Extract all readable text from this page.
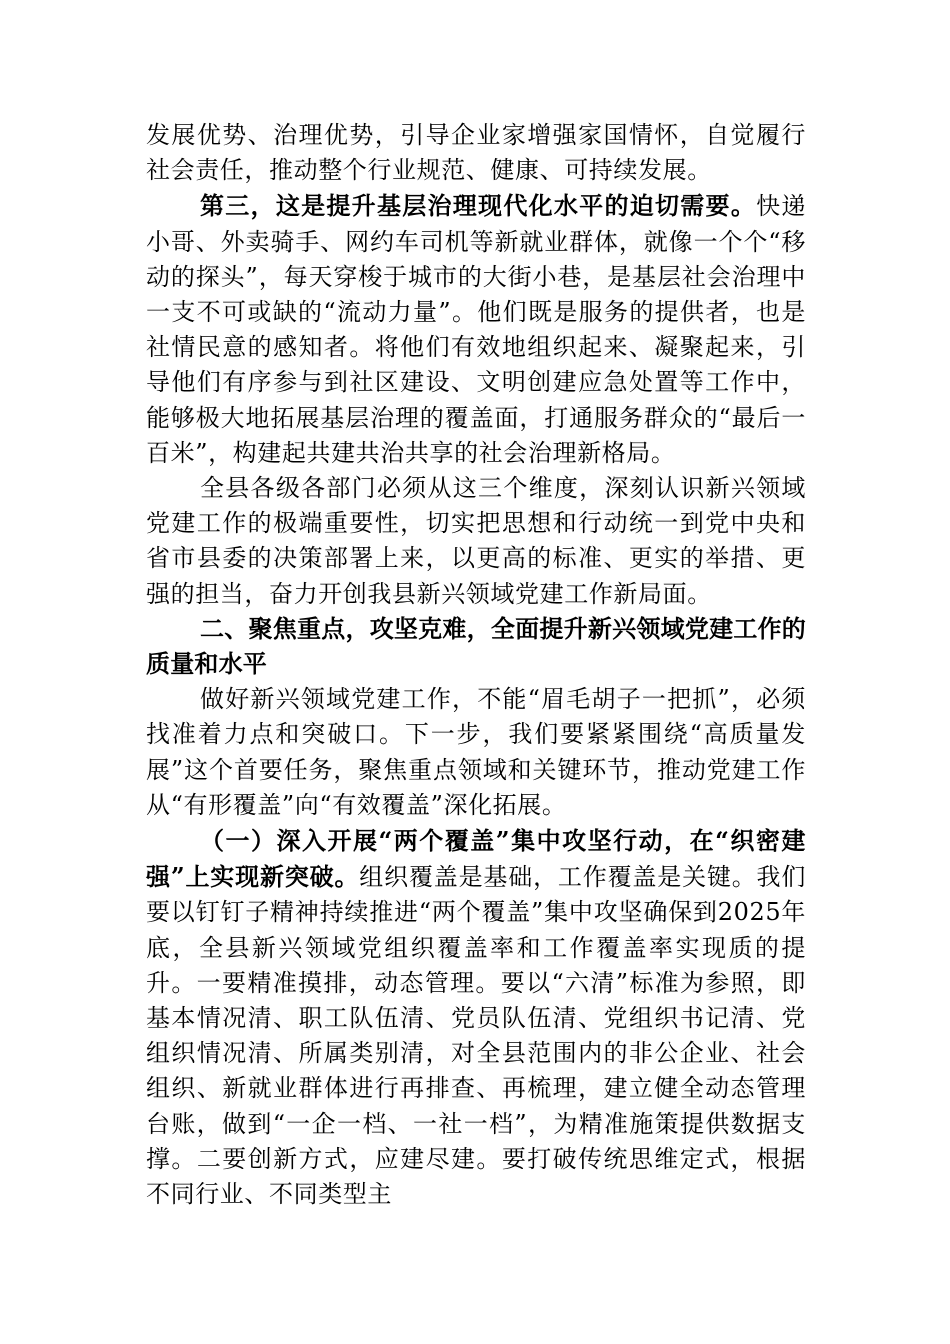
发展优势、治理优势，引导企业家增强家国情怀，自觉履行社会责任，推动整个行业规范、健康、可持续发展。

第三，这是提升基层治理现代化水平的迫切需要。快递小哥、外卖骑手、网约车司机等新就业群体，就像一个个“移动的探头”，每天穿梭于城市的大街小巷，是基层社会治理中一支不可或缺的“流动力量”。他们既是服务的提供者，也是社情民意的感知者。将他们有效地组织起来、凝聚起来，引导他们有序参与到社区建设、文明创建应急处置等工作中，能够极大地拓展基层治理的覆盖面，打通服务群众的“最后一百米”，构建起共建共治共享的社会治理新格局。

全县各级各部门必须从这三个维度，深刻认识新兴领域党建工作的极端重要性，切实把思想和行动统一到党中央和省市县委的决策部署上来，以更高的标准、更实的举措、更强的担当，奋力开创我县新兴领域党建工作新局面。

二、聚焦重点，攻坚克难，全面提升新兴领域党建工作的质量和水平

做好新兴领域党建工作，不能“眉毛胡子一把抓”，必须找准着力点和突破口。下一步，我们要紧紧围绕“高质量发展”这个首要任务，聚焦重点领域和关键环节，推动党建工作从“有形覆盖”向“有效覆盖”深化拓展。

（一）深入开展“两个覆盖”集中攻坚行动，在“织密建强”上实现新突破。组织覆盖是基础，工作覆盖是关键。我们要以钉钉子精神持续推进“两个覆盖”集中攻坚确保到2025年底，全县新兴领域党组织覆盖率和工作覆盖率实现质的提升。一要精准摸排，动态管理。要以“六清”标准为参照，即基本情况清、职工队伍清、党员队伍清、党组织书记清、党组织情况清、所属类别清，对全县范围内的非公企业、社会组织、新就业群体进行再排查、再梳理，建立健全动态管理台账，做到“一企一档、一社一档”，为精准施策提供数据支撑。二要创新方式，应建尽建。要打破传统思维定式，根据不同行业、不同类型主
